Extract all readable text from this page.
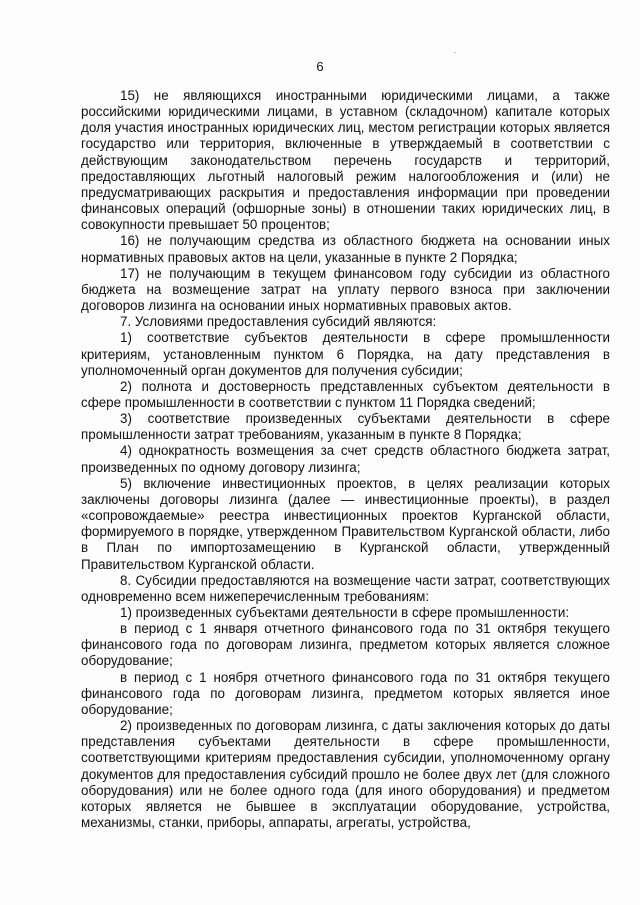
6

15) не являющихся иностранными юридическими лицами, а также российскими юридическими лицами, в уставном (складочном) капитале которых доля участия иностранных юридических лиц, местом регистрации которых является государство или территория, включенные в утверждаемый в соответствии с действующим законодательством перечень государств и территорий, предоставляющих льготный налоговый режим налогообложения и (или) не предусматривающих раскрытия и предоставления информации при проведении финансовых операций (офшорные зоны) в отношении таких юридических лиц, в совокупности превышает 50 процентов;

16) не получающим средства из областного бюджета на основании иных нормативных правовых актов на цели, указанные в пункте 2 Порядка;

17) не получающим в текущем финансовом году субсидии из областного бюджета на возмещение затрат на уплату первого взноса при заключении договоров лизинга на основании иных нормативных правовых актов.

7. Условиями предоставления субсидий являются:

1) соответствие субъектов деятельности в сфере промышленности критериям, установленным пунктом 6 Порядка, на дату представления в уполномоченный орган документов для получения субсидии;

2) полнота и достоверность представленных субъектом деятельности в сфере промышленности в соответствии с пунктом 11 Порядка сведений;

3) соответствие произведенных субъектами деятельности в сфере промышленности затрат требованиям, указанным в пункте 8 Порядка;

4) однократность возмещения за счет средств областного бюджета затрат, произведенных по одному договору лизинга;

5) включение инвестиционных проектов, в целях реализации которых заключены договоры лизинга (далее — инвестиционные проекты), в раздел «сопровождаемые» реестра инвестиционных проектов Курганской области, формируемого в порядке, утвержденном Правительством Курганской области, либо в План по импортозамещению в Курганской области, утвержденный Правительством Курганской области.

8. Субсидии предоставляются на возмещение части затрат, соответствующих одновременно всем нижеперечисленным требованиям:

1) произведенных субъектами деятельности в сфере промышленности:

в период с 1 января отчетного финансового года по 31 октября текущего финансового года по договорам лизинга, предметом которых является сложное оборудование;

в период с 1 ноября отчетного финансового года по 31 октября текущего финансового года по договорам лизинга, предметом которых является иное оборудование;

2) произведенных по договорам лизинга, с даты заключения которых до даты представления субъектами деятельности в сфере промышленности, соответствующими критериям предоставления субсидии, уполномоченному органу документов для предоставления субсидий прошло не более двух лет (для сложного оборудования) или не более одного года (для иного оборудования) и предметом которых является не бывшее в эксплуатации оборудование, устройства, механизмы, станки, приборы, аппараты, агрегаты, устройства,
